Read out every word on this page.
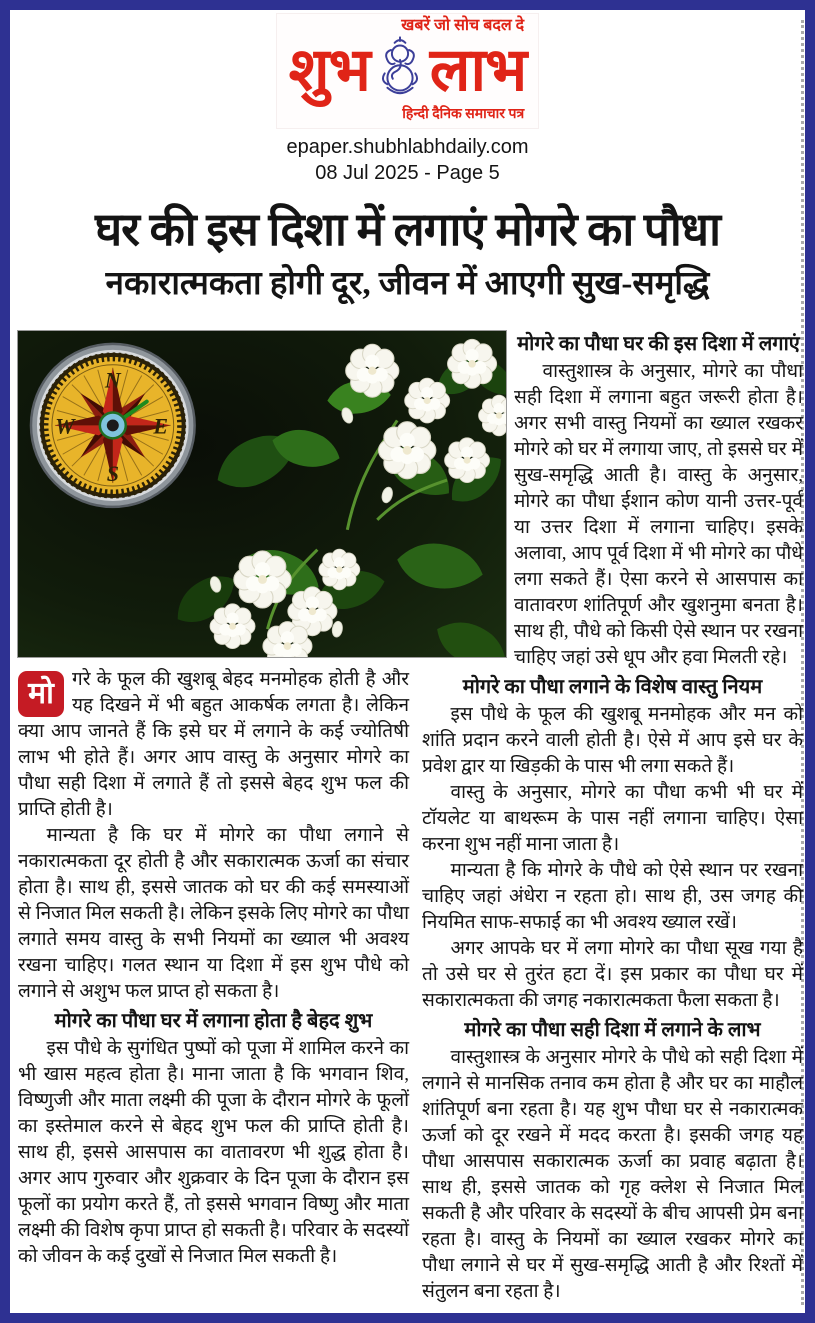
खबरें जो सोच बदल दे
शुभ लाभ
हिन्दी दैनिक समाचार पत्र
epaper.shubhlabhdaily.com
08 Jul 2025 - Page 5
घर की इस दिशा में लगाएं मोगरे का पौधा
नकारात्मकता होगी दूर, जीवन में आएगी सुख-समृद्धि
N
E
S
W
मोगरे का पौधा घर की इस दिशा में लगाएं

वास्तुशास्त्र के अनुसार, मोगरे का पौधा सही दिशा में लगाना बहुत जरूरी होता है। अगर सभी वास्तु नियमों का ख्याल रखकर मोगरे को घर में लगाया जाए, तो इससे घर में सुख-समृद्धि आती है। वास्तु के अनुसार, मोगरे का पौधा ईशान कोण यानी उत्तर-पूर्व या उत्तर दिशा में लगाना चाहिए। इसके अलावा, आप पूर्व दिशा में भी मोगरे का पौधे लगा सकते हैं। ऐसा करने से आसपास का वातावरण शांतिपूर्ण और खुशनुमा बनता है। साथ ही, पौधे को किसी ऐसे स्थान पर रखना चाहिए जहां उसे धूप और हवा मिलती रहे।

मोगरे का पौधा लगाने के विशेष वास्तु नियम

इस पौधे के फूल की खुशबू मनमोहक और मन को शांति प्रदान करने वाली होती है। ऐसे में आप इसे घर के प्रवेश द्वार या खिड़की के पास भी लगा सकते हैं।

वास्तु के अनुसार, मोगरे का पौधा कभी भी घर में टॉयलेट या बाथरूम के पास नहीं लगाना चाहिए। ऐसा करना शुभ नहीं माना जाता है।

मान्यता है कि मोगरे के पौधे को ऐसे स्थान पर रखना चाहिए जहां अंधेरा न रहता हो। साथ ही, उस जगह की नियमित साफ-सफाई का भी अवश्य ख्याल रखें।

अगर आपके घर में लगा मोगरे का पौधा सूख गया है तो उसे घर से तुरंत हटा दें। इस प्रकार का पौधा घर में सकारात्मकता की जगह नकारात्मकता फैला सकता है।

मोगरे का पौधा सही दिशा में लगाने के लाभ

वास्तुशास्त्र के अनुसार मोगरे के पौधे को सही दिशा में लगाने से मानसिक तनाव कम होता है और घर का माहौल शांतिपूर्ण बना रहता है। यह शुभ पौधा घर से नकारात्मक ऊर्जा को दूर रखने में मदद करता है। इसकी जगह यह पौधा आसपास सकारात्मक ऊर्जा का प्रवाह बढ़ाता है। साथ ही, इससे जातक को गृह क्लेश से निजात मिल सकती है और परिवार के सदस्यों के बीच आपसी प्रेम बना रहता है। वास्तु के नियमों का ख्याल रखकर मोगरे का पौधा लगाने से घर में सुख-समृद्धि आती है और रिश्तों में संतुलन बना रहता है।

मो गरे के फूल की खुशबू बेहद मनमोहक होती है और यह दिखने में भी बहुत आकर्षक लगता है। लेकिन क्या आप जानते हैं कि इसे घर में लगाने के कई ज्योतिषी लाभ भी होते हैं। अगर आप वास्तु के अनुसार मोगरे का पौधा सही दिशा में लगाते हैं तो इससे बेहद शुभ फल की प्राप्ति होती है।

मान्यता है कि घर में मोगरे का पौधा लगाने से नकारात्मकता दूर होती है और सकारात्मक ऊर्जा का संचार होता है। साथ ही, इससे जातक को घर की कई समस्याओं से निजात मिल सकती है। लेकिन इसके लिए मोगरे का पौधा लगाते समय वास्तु के सभी नियमों का ख्याल भी अवश्य रखना चाहिए। गलत स्थान या दिशा में इस शुभ पौधे को लगाने से अशुभ फल प्राप्त हो सकता है।

मोगरे का पौधा घर में लगाना होता है बेहद शुभ

इस पौधे के सुगंधित पुष्पों को पूजा में शामिल करने का भी खास महत्व होता है। माना जाता है कि भगवान शिव, विष्णुजी और माता लक्ष्मी की पूजा के दौरान मोगरे के फूलों का इस्तेमाल करने से बेहद शुभ फल की प्राप्ति होती है। साथ ही, इससे आसपास का वातावरण भी शुद्ध होता है। अगर आप गुरुवार और शुक्रवार के दिन पूजा के दौरान इस फूलों का प्रयोग करते हैं, तो इससे भगवान विष्णु और माता लक्ष्मी की विशेष कृपा प्राप्त हो सकती है। परिवार के सदस्यों को जीवन के कई दुखों से निजात मिल सकती है।
